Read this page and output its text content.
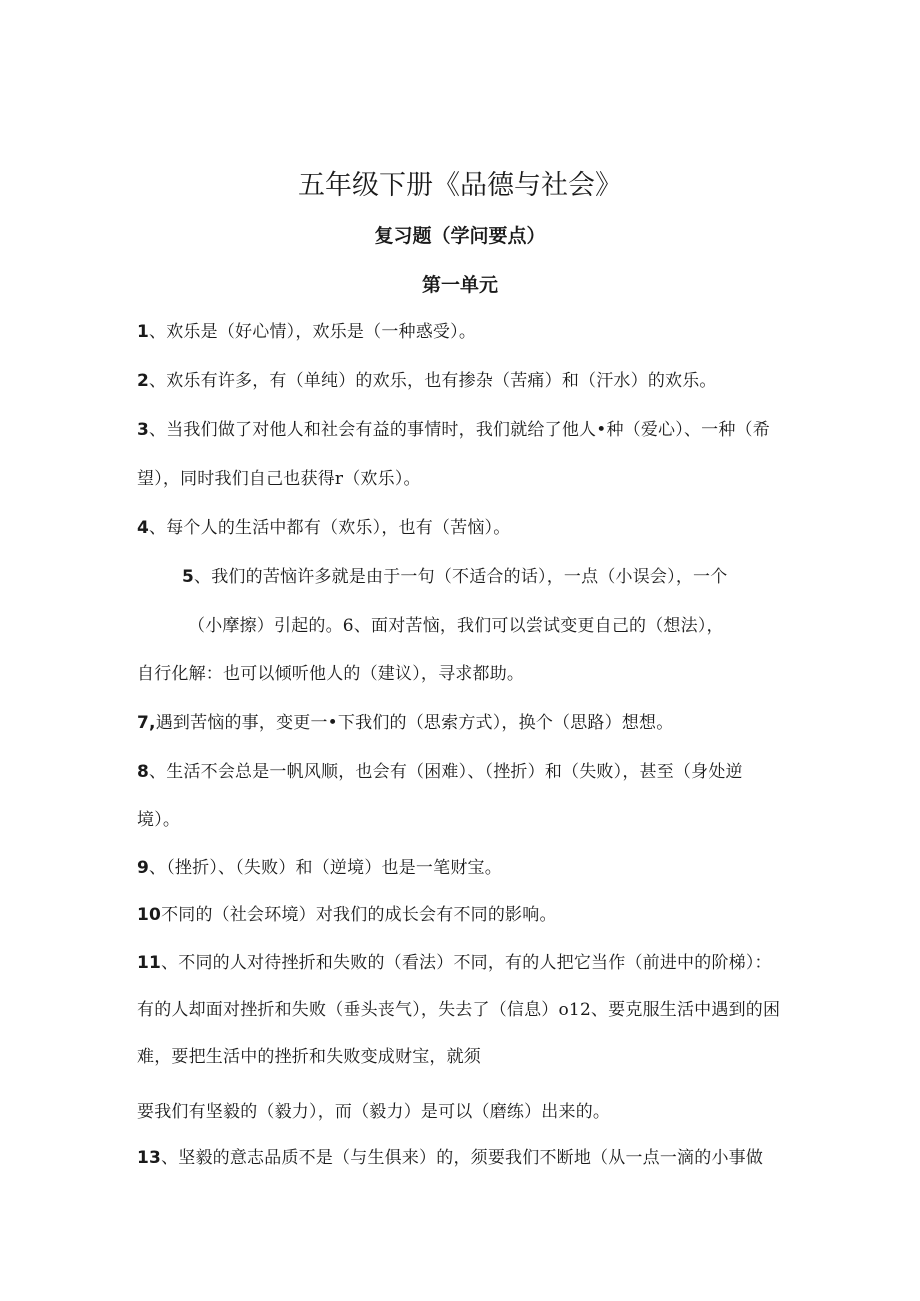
五年级下册《品德与社会》
复习题（学问要点）
第一单元
1、欢乐是（好心情），欢乐是（一种惑受）。
2、欢乐有许多，有（单纯）的欢乐，也有掺杂（苦痛）和（汗水）的欢乐。
3、当我们做了对他人和社会有益的事情时，我们就给了他人•种（爱心）、一种（希
望），同时我们自己也获得r（欢乐）。
4、每个人的生活中都有（欢乐），也有（苦恼）。
5、我们的苦恼许多就是由于一句（不适合的话），一点（小误会），一个
（小摩擦）引起的。6、面对苦恼，我们可以尝试变更自己的（想法），
自行化解：也可以倾听他人的（建议），寻求都助。
7,遇到苦恼的事，变更一•下我们的（思索方式），换个（思路）想想。
8、生活不会总是一帆风顺，也会有（困难）、（挫折）和（失败），甚至（身处逆
境）。
9、（挫折）、（失败）和（逆境）也是一笔财宝。
10不同的（社会环境）对我们的成长会有不同的影响。
11、不同的人对待挫折和失败的（看法）不同，有的人把它当作（前进中的阶梯）：
有的人却面对挫折和失败（垂头丧气），失去了（信息）o12、要克服生活中遇到的困
难，要把生活中的挫折和失败变成财宝，就须
要我们有坚毅的（毅力），而（毅力）是可以（磨练）出来的。
13、坚毅的意志品质不是（与生俱来）的，须要我们不断地（从一点一滴的小事做
